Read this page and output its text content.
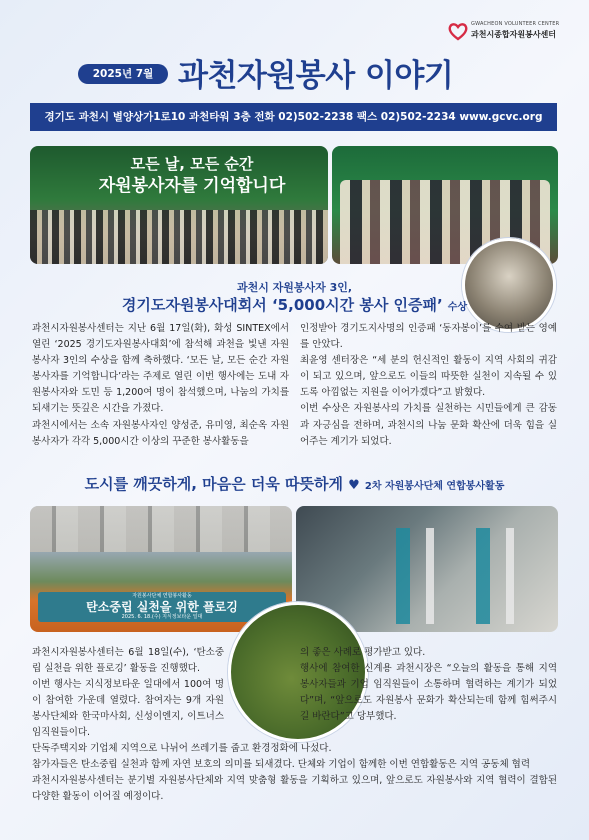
GWACHEON VOLUNTEER CENTER
과천시종합자원봉사센터
2025년 7월 과천자원봉사 이야기
경기도 과천시 별양상가1로10 과천타워 3층 전화 02)502-2238 팩스 02)502-2234 www.gcvc.org
모든 날, 모든 순간
자원봉사자를 기억합니다
과천시 자원봉사자 3인,
경기도자원봉사대회서 ‘5,000시간 봉사 인증패’ 수상

과천시자원봉사센터는 지난 6월 17일(화), 화성 SINTEX에서 열린 ‘2025 경기도자원봉사대회’에 참석해 과천을 빛낸 자원봉사자 3인의 수상을 함께 축하했다. ‘모든 날, 모든 순간 자원봉사자를 기억합니다’라는 주제로 열린 이번 행사에는 도내 자원봉사자와 도민 등 1,200여 명이 참석했으며, 나눔의 가치를 되새기는 뜻깊은 시간을 가졌다.

과천시에서는 소속 자원봉사자인 양성준, 유미영, 최순옥 자원봉사자가 각각 5,000시간 이상의 꾸준한 봉사활동을

인정받아 경기도지사명의 인증패 ‘동자봉이’를 수여 받는 영예를 안았다.

최윤영 센터장은 “세 분의 헌신적인 활동이 지역 사회의 귀감이 되고 있으며, 앞으로도 이들의 따뜻한 실천이 지속될 수 있도록 아낌없는 지원을 이어가겠다”고 밝혔다.

이번 수상은 자원봉사의 가치를 실천하는 시민들에게 큰 감동과 자긍심을 전하며, 과천시의 나눔 문화 확산에 더욱 힘을 실어주는 계기가 되었다.

도시를 깨끗하게, 마음은 더욱 따뜻하게 ♥ 2차 자원봉사단체 연합봉사활동
자원봉사단체 연합봉사활동
탄소중립 실천을 위한 플로깅
2025. 6. 18.(수) 지식정보타운 일대

과천시자원봉사센터는 6월 18일(수), ‘탄소중립 실천을 위한 플로깅’ 활동을 진행했다.

이번 행사는 지식정보타운 일대에서 100여 명이 참여한 가운데 열렸다. 참여자는 9개 자원봉사단체와 한국마사회, 신성이엔지, 이트너스 임직원들이다.

의 좋은 사례로 평가받고 있다.

행사에 참여한 신계용 과천시장은 “오늘의 활동을 통해 지역 봉사자들과 기업 임직원들이 소통하며 협력하는 계기가 되었다”며, “앞으로도 자원봉사 문화가 확산되는데 함께 힘써주시길 바란다”고 당부했다.

단독주택지와 기업체 지역으로 나뉘어 쓰레기를 줍고 환경정화에 나섰다.

참가자들은 탄소중립 실천과 함께 자연 보호의 의미를 되새겼다. 단체와 기업이 함께한 이번 연합활동은 지역 공동체 협력

과천시자원봉사센터는 분기별 자원봉사단체와 지역 맞춤형 활동을 기획하고 있으며, 앞으로도 자원봉사와 지역 협력이 결합된 다양한 활동이 이어질 예정이다.
